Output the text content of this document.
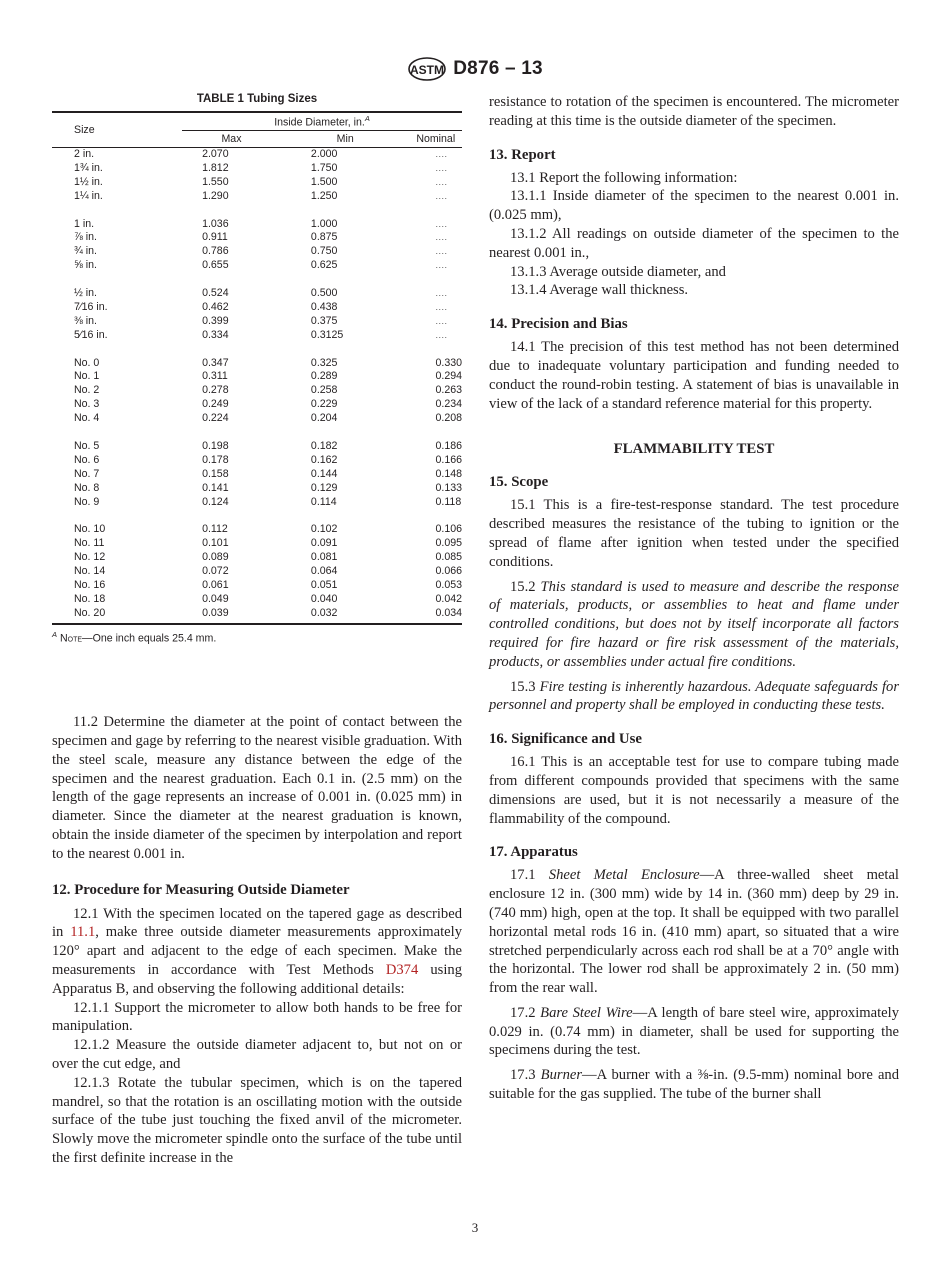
ASTM D876 – 13

TABLE 1 Tubing Sizes

Size	Inside Diameter, in.$^A$
	Max	Min	Nominal
2 in.	2.070	2.000	....
1¾ in.	1.812	1.750	....
1½ in.	1.550	1.500	....
1¼ in.	1.290	1.250	....

1 in.	1.036	1.000	....
⅞ in.	0.911	0.875	....
¾ in.	0.786	0.750	....
⅝ in.	0.655	0.625	....

½ in.	0.524	0.500	....
7⁄16 in.	0.462	0.438	....
⅜ in.	0.399	0.375	....
5⁄16 in.	0.334	0.3125	....

No. 0	0.347	0.325	0.330
No. 1	0.311	0.289	0.294
No. 2	0.278	0.258	0.263
No. 3	0.249	0.229	0.234
No. 4	0.224	0.204	0.208

No. 5	0.198	0.182	0.186
No. 6	0.178	0.162	0.166
No. 7	0.158	0.144	0.148
No. 8	0.141	0.129	0.133
No. 9	0.124	0.114	0.118

No. 10	0.112	0.102	0.106
No. 11	0.101	0.091	0.095
No. 12	0.089	0.081	0.085
No. 14	0.072	0.064	0.066
No. 16	0.061	0.051	0.053
No. 18	0.049	0.040	0.042
No. 20	0.039	0.032	0.034
$^A$ Note—One inch equals 25.4 mm.

11.2 Determine the diameter at the point of contact between the specimen and gage by referring to the nearest visible graduation. With the steel scale, measure any distance between the edge of the specimen and the nearest graduation. Each 0.1 in. (2.5 mm) on the length of the gage represents an increase of 0.001 in. (0.025 mm) in diameter. Since the diameter at the nearest graduation is known, obtain the inside diameter of the specimen by interpolation and report to the nearest 0.001 in.

12. Procedure for Measuring Outside Diameter

12.1 With the specimen located on the tapered gage as described in 11.1, make three outside diameter measurements approximately 120° apart and adjacent to the edge of each specimen. Make the measurements in accordance with Test Methods D374 using Apparatus B, and observing the following additional details:

12.1.1 Support the micrometer to allow both hands to be free for manipulation.

12.1.2 Measure the outside diameter adjacent to, but not on or over the cut edge, and

12.1.3 Rotate the tubular specimen, which is on the tapered mandrel, so that the rotation is an oscillating motion with the outside surface of the tube just touching the fixed anvil of the micrometer. Slowly move the micrometer spindle onto the surface of the tube until the first definite increase in the

resistance to rotation of the specimen is encountered. The micrometer reading at this time is the outside diameter of the specimen.

13. Report

13.1 Report the following information:

13.1.1 Inside diameter of the specimen to the nearest 0.001 in. (0.025 mm),

13.1.2 All readings on outside diameter of the specimen to the nearest 0.001 in.,

13.1.3 Average outside diameter, and

13.1.4 Average wall thickness.

14. Precision and Bias

14.1 The precision of this test method has not been determined due to inadequate voluntary participation and funding needed to conduct the round-robin testing. A statement of bias is unavailable in view of the lack of a standard reference material for this property.

FLAMMABILITY TEST

15. Scope

15.1 This is a fire-test-response standard. The test procedure described measures the resistance of the tubing to ignition or the spread of flame after ignition when tested under the specified conditions.

15.2 This standard is used to measure and describe the response of materials, products, or assemblies to heat and flame under controlled conditions, but does not by itself incorporate all factors required for fire hazard or fire risk assessment of the materials, products, or assemblies under actual fire conditions.

15.3 Fire testing is inherently hazardous. Adequate safeguards for personnel and property shall be employed in conducting these tests.

16. Significance and Use

16.1 This is an acceptable test for use to compare tubing made from different compounds provided that specimens with the same dimensions are used, but it is not necessarily a measure of the flammability of the compound.

17. Apparatus

17.1 Sheet Metal Enclosure—A three-walled sheet metal enclosure 12 in. (300 mm) wide by 14 in. (360 mm) deep by 29 in. (740 mm) high, open at the top. It shall be equipped with two parallel horizontal metal rods 16 in. (410 mm) apart, so situated that a wire stretched perpendicularly across each rod shall be at a 70° angle with the horizontal. The lower rod shall be approximately 2 in. (50 mm) from the rear wall.

17.2 Bare Steel Wire—A length of bare steel wire, approximately 0.029 in. (0.74 mm) in diameter, shall be used for supporting the specimens during the test.

17.3 Burner—A burner with a ⅜-in. (9.5-mm) nominal bore and suitable for the gas supplied. The tube of the burner shall

3
